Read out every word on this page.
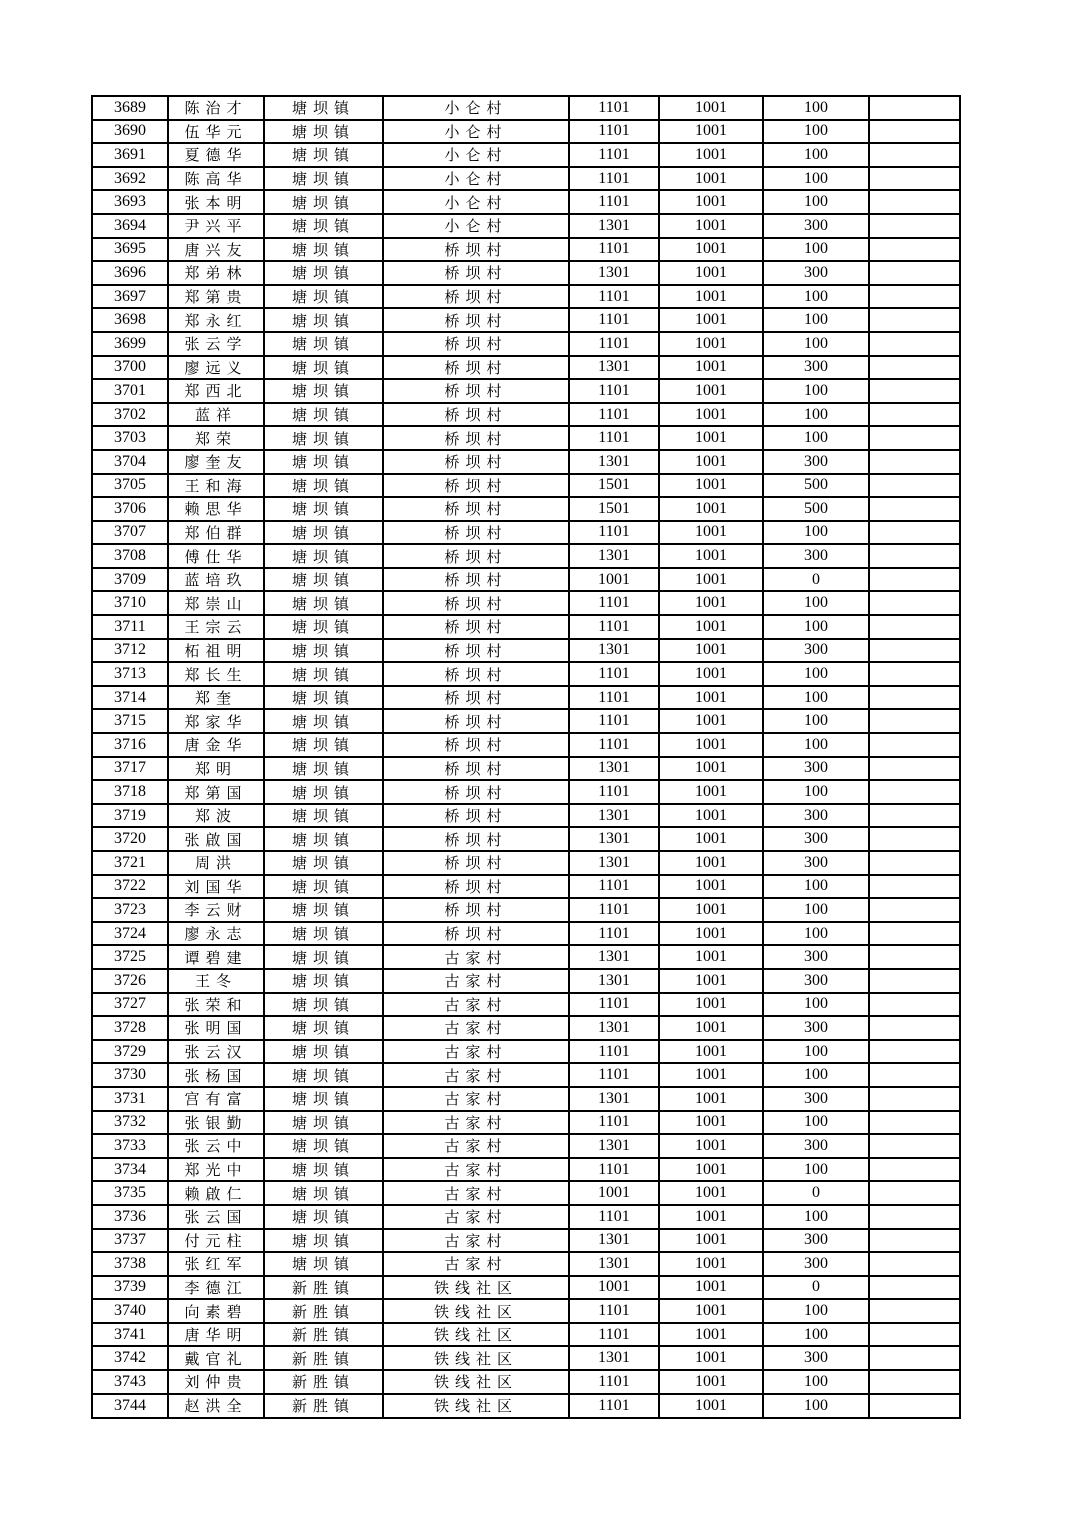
3689	陈治才	塘坝镇	小仑村	1101	1001	100	
3690	伍华元	塘坝镇	小仑村	1101	1001	100	
3691	夏德华	塘坝镇	小仑村	1101	1001	100	
3692	陈高华	塘坝镇	小仑村	1101	1001	100	
3693	张本明	塘坝镇	小仑村	1101	1001	100	
3694	尹兴平	塘坝镇	小仑村	1301	1001	300	
3695	唐兴友	塘坝镇	桥坝村	1101	1001	100	
3696	郑弟林	塘坝镇	桥坝村	1301	1001	300	
3697	郑第贵	塘坝镇	桥坝村	1101	1001	100	
3698	郑永红	塘坝镇	桥坝村	1101	1001	100	
3699	张云学	塘坝镇	桥坝村	1101	1001	100	
3700	廖远义	塘坝镇	桥坝村	1301	1001	300	
3701	郑西北	塘坝镇	桥坝村	1101	1001	100	
3702	蓝祥	塘坝镇	桥坝村	1101	1001	100	
3703	郑荣	塘坝镇	桥坝村	1101	1001	100	
3704	廖奎友	塘坝镇	桥坝村	1301	1001	300	
3705	王和海	塘坝镇	桥坝村	1501	1001	500	
3706	赖思华	塘坝镇	桥坝村	1501	1001	500	
3707	郑伯群	塘坝镇	桥坝村	1101	1001	100	
3708	傅仕华	塘坝镇	桥坝村	1301	1001	300	
3709	蓝培玖	塘坝镇	桥坝村	1001	1001	0	
3710	郑崇山	塘坝镇	桥坝村	1101	1001	100	
3711	王宗云	塘坝镇	桥坝村	1101	1001	100	
3712	柘祖明	塘坝镇	桥坝村	1301	1001	300	
3713	郑长生	塘坝镇	桥坝村	1101	1001	100	
3714	郑奎	塘坝镇	桥坝村	1101	1001	100	
3715	郑家华	塘坝镇	桥坝村	1101	1001	100	
3716	唐金华	塘坝镇	桥坝村	1101	1001	100	
3717	郑明	塘坝镇	桥坝村	1301	1001	300	
3718	郑第国	塘坝镇	桥坝村	1101	1001	100	
3719	郑波	塘坝镇	桥坝村	1301	1001	300	
3720	张啟国	塘坝镇	桥坝村	1301	1001	300	
3721	周洪	塘坝镇	桥坝村	1301	1001	300	
3722	刘国华	塘坝镇	桥坝村	1101	1001	100	
3723	李云财	塘坝镇	桥坝村	1101	1001	100	
3724	廖永志	塘坝镇	桥坝村	1101	1001	100	
3725	谭碧建	塘坝镇	古家村	1301	1001	300	
3726	王冬	塘坝镇	古家村	1301	1001	300	
3727	张荣和	塘坝镇	古家村	1101	1001	100	
3728	张明国	塘坝镇	古家村	1301	1001	300	
3729	张云汉	塘坝镇	古家村	1101	1001	100	
3730	张杨国	塘坝镇	古家村	1101	1001	100	
3731	宫有富	塘坝镇	古家村	1301	1001	300	
3732	张银勤	塘坝镇	古家村	1101	1001	100	
3733	张云中	塘坝镇	古家村	1301	1001	300	
3734	郑光中	塘坝镇	古家村	1101	1001	100	
3735	赖啟仁	塘坝镇	古家村	1001	1001	0	
3736	张云国	塘坝镇	古家村	1101	1001	100	
3737	付元柱	塘坝镇	古家村	1301	1001	300	
3738	张红军	塘坝镇	古家村	1301	1001	300	
3739	李德江	新胜镇	铁线社区	1001	1001	0	
3740	向素碧	新胜镇	铁线社区	1101	1001	100	
3741	唐华明	新胜镇	铁线社区	1101	1001	100	
3742	戴官礼	新胜镇	铁线社区	1301	1001	300	
3743	刘仲贵	新胜镇	铁线社区	1101	1001	100	
3744	赵洪全	新胜镇	铁线社区	1101	1001	100	
